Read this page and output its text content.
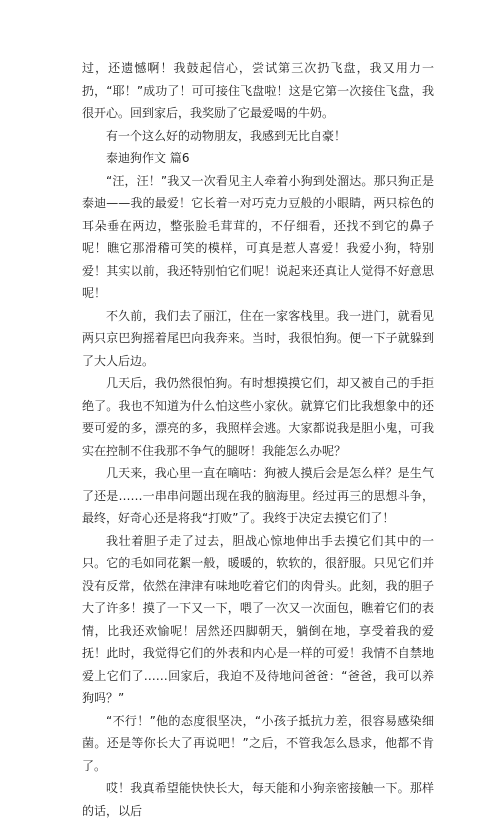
过，还遗憾啊！我鼓起信心，尝试第三次扔飞盘，我又用力一扔，“耶！”成功了！可可接住飞盘啦！这是它第一次接住飞盘，我很开心。回到家后，我奖励了它最爱喝的牛奶。

有一个这么好的动物朋友，我感到无比自豪！

泰迪狗作文 篇6

“汪，汪！”我又一次看见主人牵着小狗到处溜达。那只狗正是泰迪——我的最爱！它长着一对巧克力豆般的小眼睛，两只棕色的耳朵垂在两边，整张脸毛茸茸的，不仔细看，还找不到它的鼻子呢！瞧它那滑稽可笑的模样，可真是惹人喜爱！我爱小狗，特别爱！其实以前，我还特别怕它们呢！说起来还真让人觉得不好意思呢！

不久前，我们去了丽江，住在一家客栈里。我一进门，就看见两只京巴狗摇着尾巴向我奔来。当时，我很怕狗。便一下子就躲到了大人后边。

几天后，我仍然很怕狗。有时想摸摸它们，却又被自己的手拒绝了。我也不知道为什么怕这些小家伙。就算它们比我想象中的还要可爱的多，漂亮的多，我照样会逃。大家都说我是胆小鬼，可我实在控制不住我那不争气的腿呀！我能怎么办呢？

几天来，我心里一直在嘀咕：狗被人摸后会是怎么样？是生气了还是……一串串问题出现在我的脑海里。经过再三的思想斗争，最终，好奇心还是将我“打败”了。我终于决定去摸它们了！

我壮着胆子走了过去，胆战心惊地伸出手去摸它们其中的一只。它的毛如同花絮一般，暖暖的，软软的，很舒服。只见它们并没有反常，依然在津津有味地吃着它们的肉骨头。此刻，我的胆子大了许多！摸了一下又一下，喂了一次又一次面包，瞧着它们的表情，比我还欢愉呢！居然还四脚朝天，躺倒在地，享受着我的爱抚！此时，我觉得它们的外表和内心是一样的可爱！我情不自禁地爱上它们了……回家后，我迫不及待地问爸爸：“爸爸，我可以养狗吗？”

“不行！”他的态度很坚决，“小孩子抵抗力差，很容易感染细菌。还是等你长大了再说吧！”之后，不管我怎么恳求，他都不肯了。

哎！我真希望能快快长大，每天能和小狗亲密接触一下。那样的话，以后
